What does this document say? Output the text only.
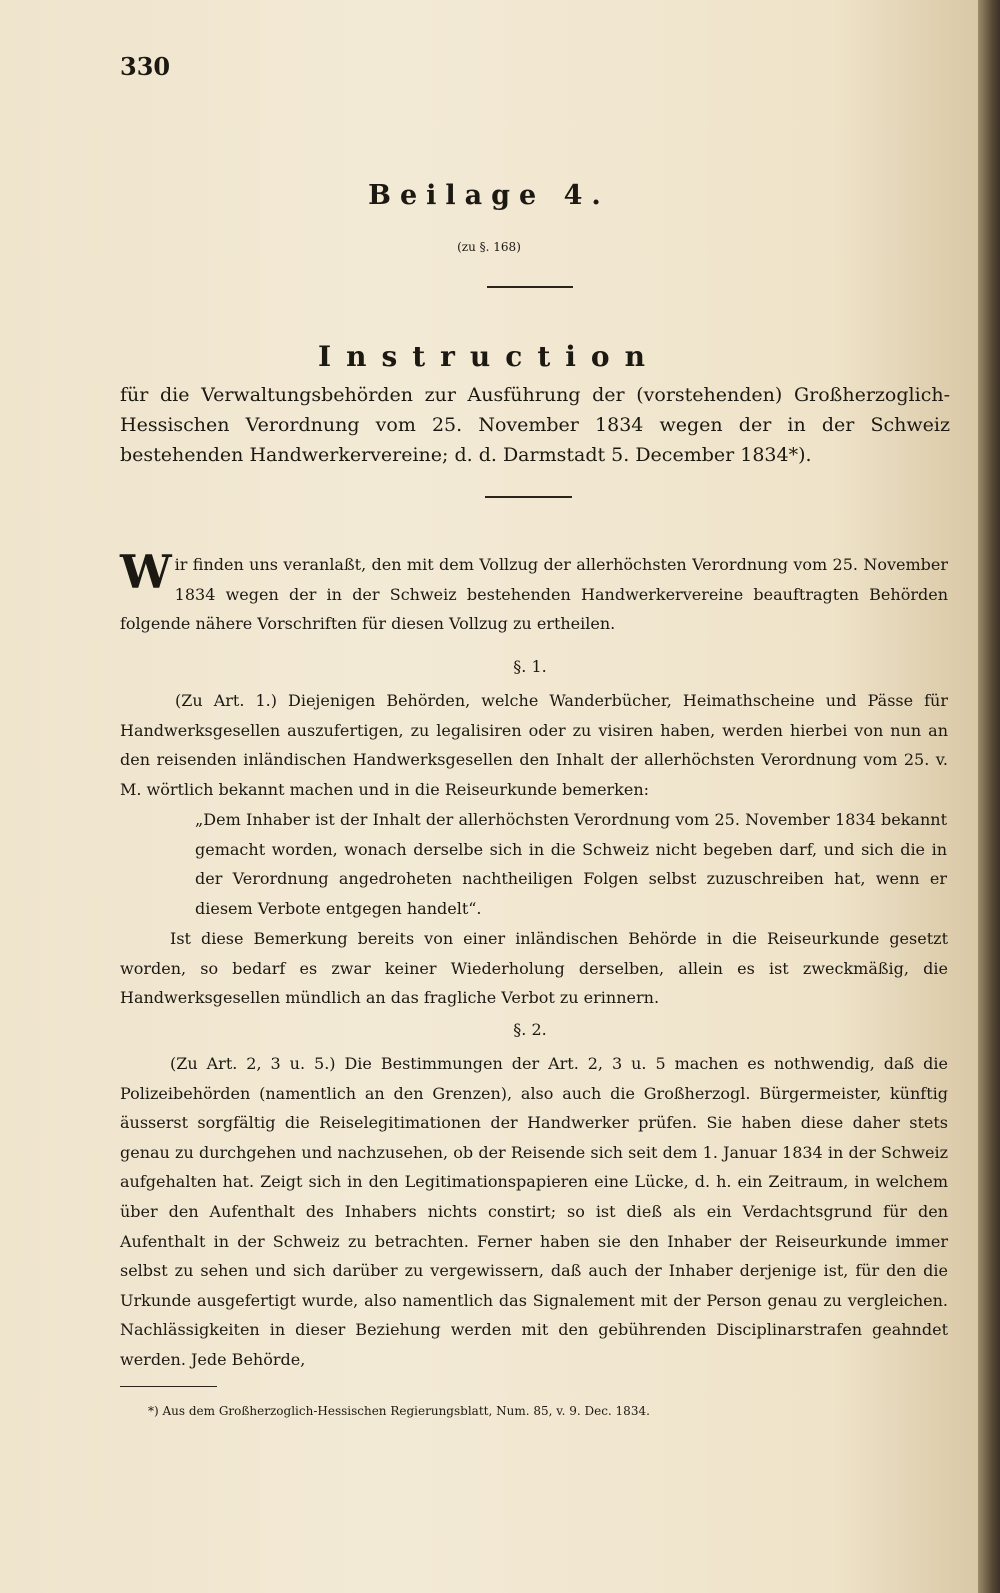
330
Beilage 4.
(zu §. 168)
Instruction
für die Verwaltungsbehörden zur Ausführung der (vorstehenden) Großherzoglich-Hessischen Verordnung vom 25. November 1834 wegen der in der Schweiz bestehenden Handwerkervereine; d. d. Darmstadt 5. December 1834*).
W ir finden uns veranlaßt, den mit dem Vollzug der allerhöchsten Verordnung vom 25. November 1834 wegen der in der Schweiz bestehenden Handwerkervereine beauftragten Behörden folgende nähere Vorschriften für diesen Vollzug zu ertheilen.
§. 1.
(Zu Art. 1.) Diejenigen Behörden, welche Wanderbücher, Heimathscheine und Pässe für Handwerksgesellen auszufertigen, zu legalisiren oder zu visiren haben, werden hierbei von nun an den reisenden inländischen Handwerksgesellen den Inhalt der allerhöchsten Verordnung vom 25. v. M. wörtlich bekannt machen und in die Reiseurkunde bemerken:
„Dem Inhaber ist der Inhalt der allerhöchsten Verordnung vom 25. November 1834 bekannt gemacht worden, wonach derselbe sich in die Schweiz nicht begeben darf, und sich die in der Verordnung angedroheten nachtheiligen Folgen selbst zuzuschreiben hat, wenn er diesem Verbote entgegen handelt“.
Ist diese Bemerkung bereits von einer inländischen Behörde in die Reiseurkunde gesetzt worden, so bedarf es zwar keiner Wiederholung derselben, allein es ist zweckmäßig, die Handwerksgesellen mündlich an das fragliche Verbot zu erinnern.
§. 2.
(Zu Art. 2, 3 u. 5.) Die Bestimmungen der Art. 2, 3 u. 5 machen es nothwendig, daß die Polizeibehörden (namentlich an den Grenzen), also auch die Großherzogl. Bürgermeister, künftig äusserst sorgfältig die Reiselegitimationen der Handwerker prüfen. Sie haben diese daher stets genau zu durchgehen und nachzusehen, ob der Reisende sich seit dem 1. Januar 1834 in der Schweiz aufgehalten hat. Zeigt sich in den Legitimationspapieren eine Lücke, d. h. ein Zeitraum, in welchem über den Aufenthalt des Inhabers nichts constirt; so ist dieß als ein Verdachtsgrund für den Aufenthalt in der Schweiz zu betrachten. Ferner haben sie den Inhaber der Reiseurkunde immer selbst zu sehen und sich darüber zu vergewissern, daß auch der Inhaber derjenige ist, für den die Urkunde ausgefertigt wurde, also namentlich das Signalement mit der Person genau zu vergleichen. Nachlässigkeiten in dieser Beziehung werden mit den gebührenden Disciplinarstrafen geahndet werden. Jede Behörde,
*) Aus dem Großherzoglich-Hessischen Regierungsblatt, Num. 85, v. 9. Dec. 1834.
